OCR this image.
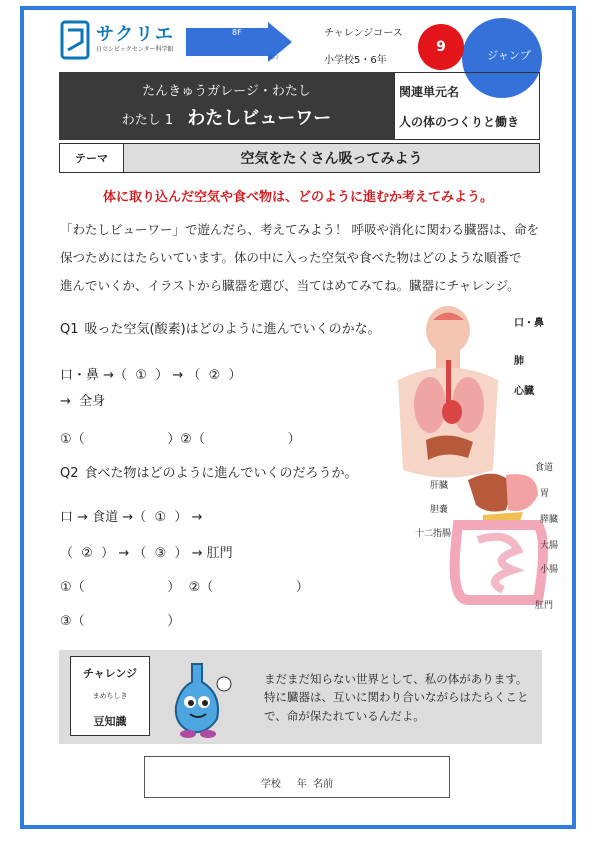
サクリエ
日立シビックセンター科学館
8F
入口
チャレンジコース
小学校5・6年	ジャンプ
9
たんきゅうガレージ・わたし
わたし 1 わたしビューワー
関連単元名
人の体のつくりと働き
テーマ	空気をたくさん吸ってみよう
体に取り込んだ空気や食べ物は、どのように進むか考えてみよう。
「わたしビューワー」で遊んだら、考えてみよう！ 呼吸や消化に関わる臓器は、命を
保つためにはたらいています。体の中に入った空気や食べた物はどのような順番で
進んでいくか、イラストから臓器を選び、当てはめてみてね。臓器にチャレンジ。
Q1 吸った空気(酸素)はどのように進んでいくのかな。
口・鼻 →（  ①  ） → （  ②  ）
→  全身
①（                    ）②（                    ）
Q2 食べた物はどのように進んでいくのだろうか。
口 → 食道 →（  ①  ） →
（  ②  ） → （  ③  ） → 肛門
①（                    ）  ②（                    ）
③（                    ）
口・鼻
肺
心臓
食道
肝臓
胃
胆嚢
膵臓
十二指腸
大腸
小腸
肛門
チャレンジ
まめちしき
豆知識
まだまだ知らない世界として、私の体があります。
特に臓器は、互いに関わり合いながらはたらくこと
で、命が保たれているんだよ。
学校     年  名前
